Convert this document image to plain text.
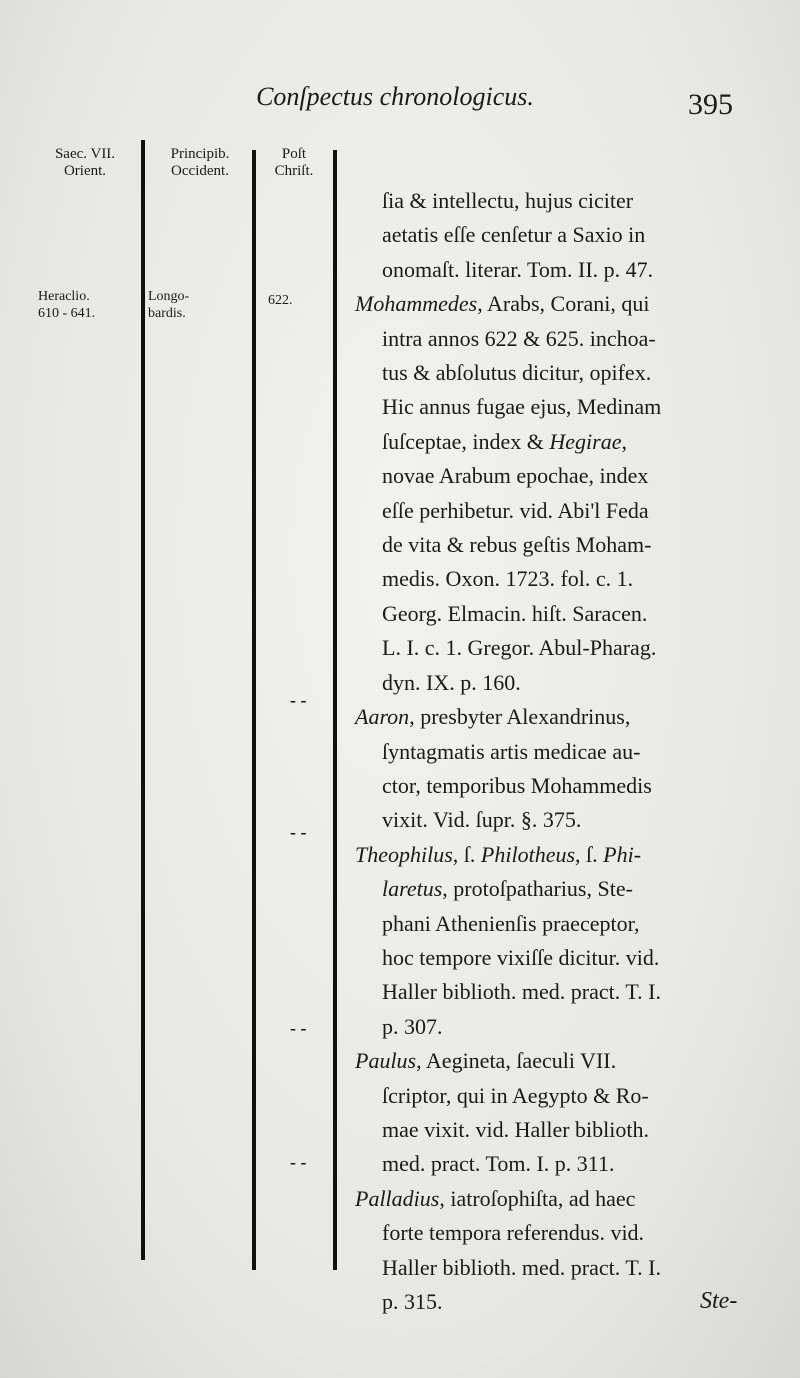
Conſpectus chronologicus.	395
Saec. VII.
Orient.
Principib.
Occident.
Poſt
Chriſt.
Heraclio.
610 - 641.
Longo-
bardis.
622.
- -
- -
- -
- -
ſia & intellectu, hujus ciciter
aetatis eſſe cenſetur a Saxio in
onomaſt. literar. Tom. II. p. 47.
Mohammedes, Arabs, Corani, qui
intra annos 622 & 625. inchoa-
tus & abſolutus dicitur, opifex.
Hic annus fugae ejus, Medinam
ſuſceptae, index & Hegirae,
novae Arabum epochae, index
eſſe perhibetur. vid. Abi'l Feda
de vita & rebus geſtis Moham-
medis. Oxon. 1723. fol. c. 1.
Georg. Elmacin. hiſt. Saracen.
L. I. c. 1. Gregor. Abul-Pharag.
dyn. IX. p. 160.
Aaron, presbyter Alexandrinus,
ſyntagmatis artis medicae au-
ctor, temporibus Mohammedis
vixit. Vid. ſupr. §. 375.
Theophilus, ſ. Philotheus, ſ. Phi-
laretus, protoſpatharius, Ste-
phani Athenienſis praeceptor,
hoc tempore vixiſſe dicitur. vid.
Haller biblioth. med. pract. T. I.
p. 307.
Paulus, Aegineta, ſaeculi VII.
ſcriptor, qui in Aegypto & Ro-
mae vixit. vid. Haller biblioth.
med. pract. Tom. I. p. 311.
Palladius, iatroſophiſta, ad haec
forte tempora referendus. vid.
Haller biblioth. med. pract. T. I.
p. 315.	Ste-
